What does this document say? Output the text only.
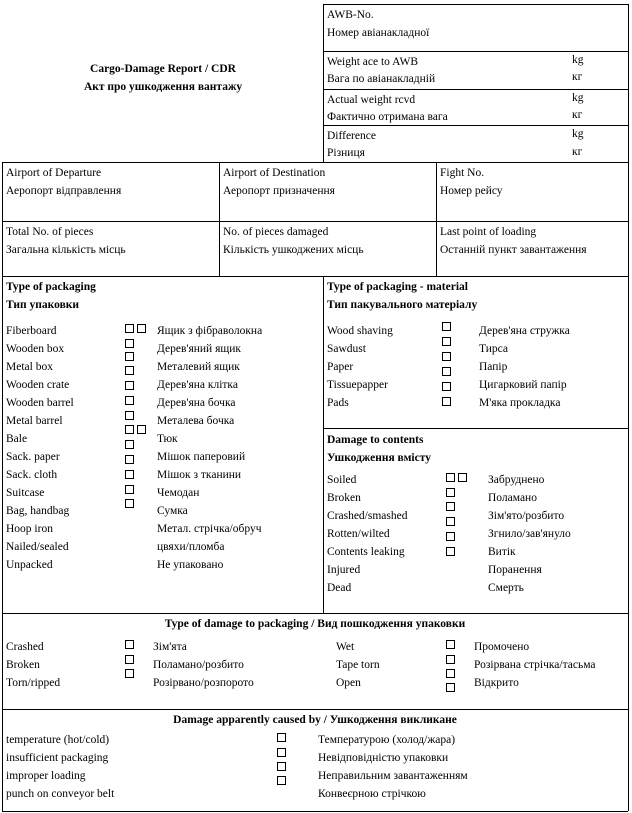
Cargo-Damage Report / CDR
Акт про ушкодження вантажу
AWB-No.
Номер авіанакладної
Weight ace to AWB	kg
Вага по авіанакладній	кг
Actual weight rcvd	kg
Фактично отримана вага	кг
Difference	kg
Різниця	кг
Airport of Departure
Аеропорт відправлення
Airport of Destination
Аеропорт призначення
Fight No.
Номер рейсу
Total No. of pieces
Загальна кількість місць
No. of pieces damaged
Кількість ушкоджених місць
Last point of loading
Останній пункт завантаження
Type of packaging
Тип упаковки
Fiberboard	Ящик з фібраволокна
Wooden box	Дерев'яний ящик
Metal box	Металевий ящик
Wooden crate	Дерев'яна клітка
Wooden barrel	Дерев'яна бочка
Metal barrel	Металева бочка
Bale	Тюк
Sack. paper	Мішок паперовий
Sack. cloth	Мішок з тканини
Suitcase	Чемодан
Bag, handbag	Сумка
Hoop iron	Метал. стрічка/обруч
Nailed/sealed	цвяхи/пломба
Unpacked	Не упаковано
Type of packaging - material
Тип пакувального матеріалу
Wood shaving	Дерев'яна стружка
Sawdust	Тирса
Paper	Папір
Tissuepapper	Цигарковий папір
Pads	М'яка прокладка
Damage to contents
Ушкодження вмісту
Soiled	Забруднено
Broken	Поламано
Crashed/smashed	Зім'ято/розбито
Rotten/wilted	Згнило/зав'януло
Contents leaking	Витік
Injured	Поранення
Dead	Смерть
Type of damage to packaging / Вид пошкодження упаковки
Crashed	Зім'ята
Broken	Поламано/розбито
Torn/ripped	Розірвано/розпорото
Wet	Промочено
Tape torn	Розірвана стрічка/тасьма
Open	Відкрито
Damage apparently caused by / Ушкодження викликане
temperature (hot/cold)	Температурою (холод/жара)
insufficient packaging	Невідповідністю упаковки
improper loading	Неправильним завантаженням
punch on conveyor belt	Конвеєрною стрічкою
